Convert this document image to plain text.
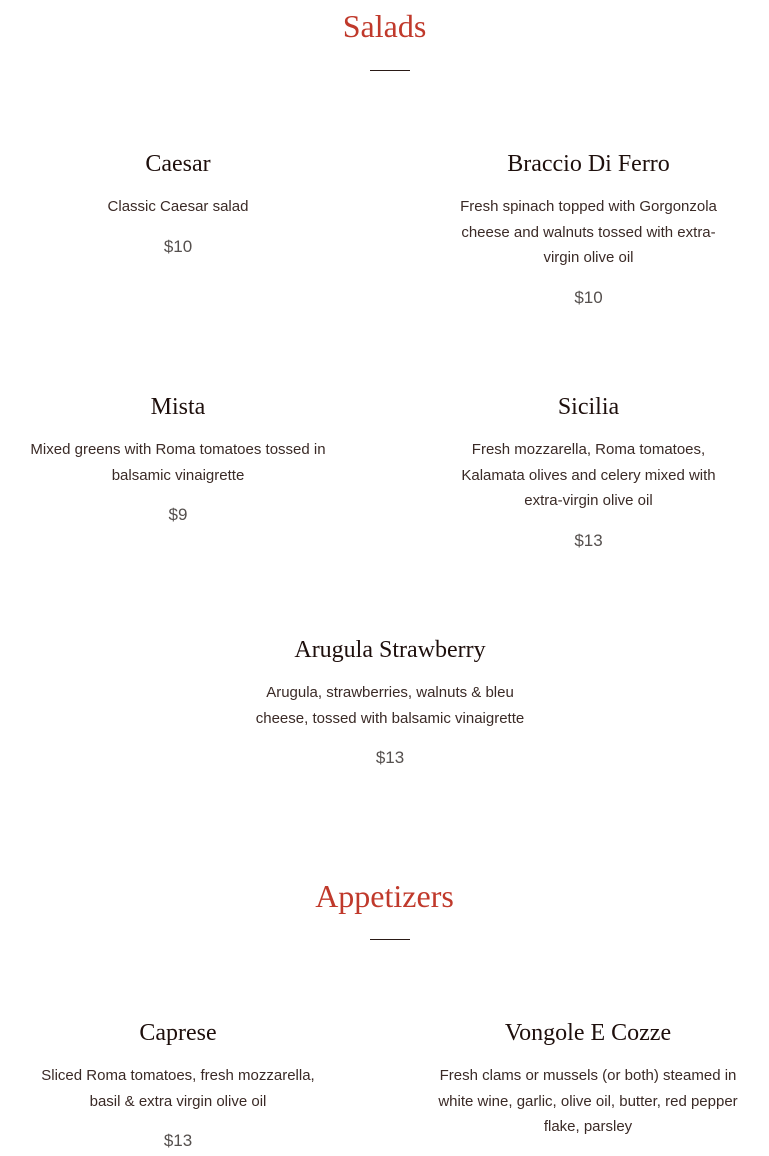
Salads
Caesar

Classic Caesar salad

$10

Braccio Di Ferro

Fresh spinach topped with Gorgonzola cheese and walnuts tossed with extra-virgin olive oil

$10

Mista

Mixed greens with Roma tomatoes tossed in balsamic vinaigrette

$9

Sicilia

Fresh mozzarella, Roma tomatoes, Kalamata olives and celery mixed with extra-virgin olive oil

$13

Arugula Strawberry

Arugula, strawberries, walnuts & bleu cheese, tossed with balsamic vinaigrette

$13

Appetizers
Caprese

Sliced Roma tomatoes, fresh mozzarella, basil & extra virgin olive oil

$13

Vongole E Cozze

Fresh clams or mussels (or both) steamed in white wine, garlic, olive oil, butter, red pepper flake, parsley
